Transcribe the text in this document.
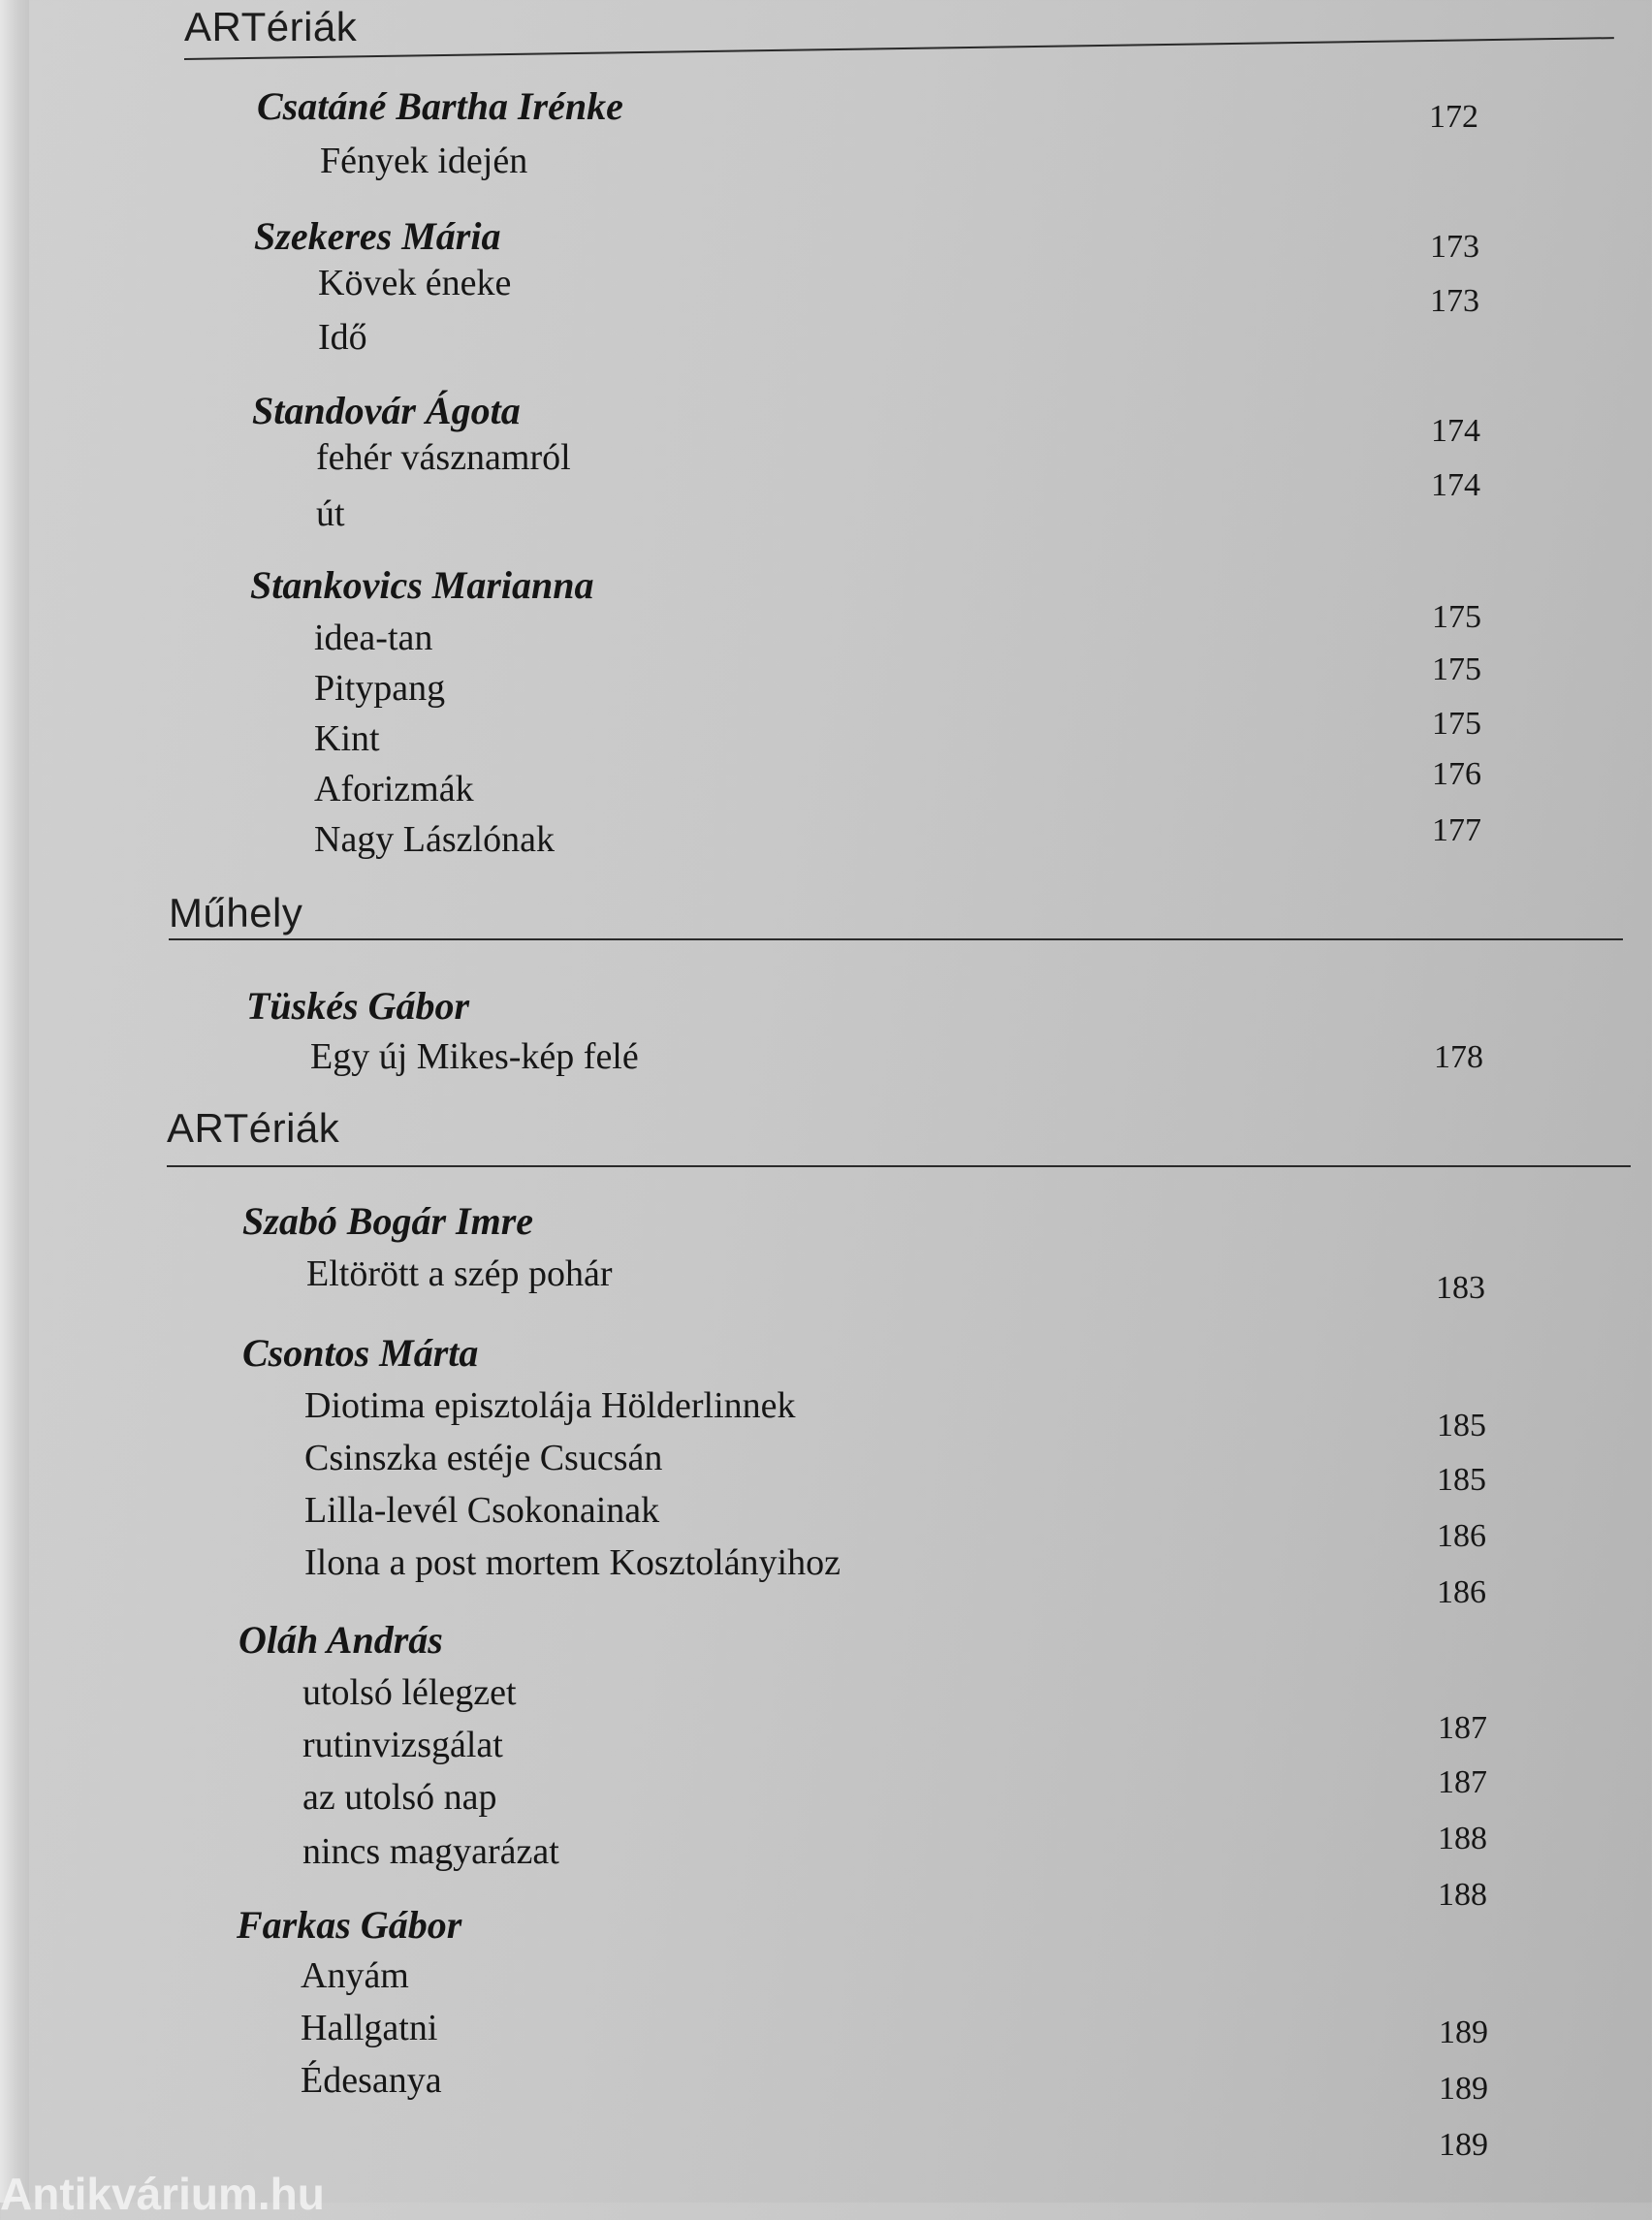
ARTériák
Csatáné Bartha Irénke
Fények idején
172
Szekeres Mária
Kövek éneke
Idő
173
173
Standovár Ágota
fehér vásznamról
út
174
174
Stankovics Marianna
idea-tan
Pitypang
Kint
Aforizmák
Nagy Lászlónak
175
175
175
176
177
Műhely
Tüskés Gábor
Egy új Mikes-kép felé	178
ARTériák
Szabó Bogár Imre
Eltörött a szép pohár	183
Csontos Márta
Diotima episztolája Hölderlinnek
Csinszka estéje Csucsán
Lilla-levél Csokonainak
Ilona a post mortem Kosztolányihoz
185
185
186
186
Oláh András
utolsó lélegzet
rutinvizsgálat
az utolsó nap
nincs magyarázat
187
187
188
188
Farkas Gábor
Anyám
Hallgatni
Édesanya
189
189
189
Antikvárium.hu
